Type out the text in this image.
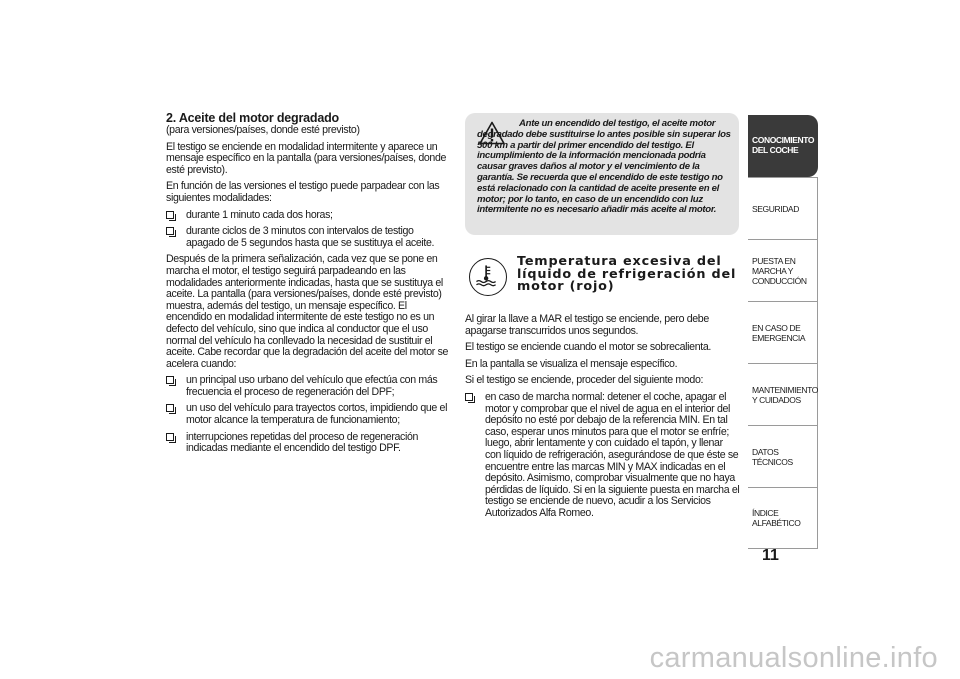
2. Aceite del motor degradado
(para versiones/países, donde esté previsto)

El testigo se enciende en modalidad intermitente y aparece un mensaje específico en la pantalla (para versiones/países, donde esté previsto).

En función de las versiones el testigo puede parpadear con las siguientes modalidades:

durante 1 minuto cada dos horas;
durante ciclos de 3 minutos con intervalos de testigo apagado de 5 segundos hasta que se sustituya el aceite.

Después de la primera señalización, cada vez que se pone en marcha el motor, el testigo seguirá parpadeando en las modalidades anteriormente indicadas, hasta que se sustituya el aceite. La pantalla (para versiones/países, donde esté previsto) muestra, además del testigo, un mensaje específico. El encendido en modalidad intermitente de este testigo no es un defecto del vehículo, sino que indica al conductor que el uso normal del vehículo ha conllevado la necesidad de sustituir el aceite. Cabe recordar que la degradación del aceite del motor se acelera cuando:

un principal uso urbano del vehículo que efectúa con más frecuencia el proceso de regeneración del DPF;
un uso del vehículo para trayectos cortos, impidiendo que el motor alcance la temperatura de funcionamiento;
interrupciones repetidas del proceso de regeneración indicadas mediante el encendido del testigo DPF.

Ante un encendido del testigo, el aceite motor degradado debe sustituirse lo antes posible sin superar los 500 km a partir del primer encendido del testigo. El incumplimiento de la información mencionada podría causar graves daños al motor y el vencimiento de la garantía. Se recuerda que el encendido de este testigo no está relacionado con la cantidad de aceite presente en el motor; por lo tanto, en caso de un encendido con luz intermitente no es necesario añadir más aceite al motor.

Temperatura excesiva del
líquido de refrigeración del
motor (rojo)

Al girar la llave a MAR el testigo se enciende, pero debe apagarse transcurridos unos segundos.

El testigo se enciende cuando el motor se sobrecalienta.

En la pantalla se visualiza el mensaje específico.

Si el testigo se enciende, proceder del siguiente modo:

en caso de marcha normal: detener el coche, apagar el motor y comprobar que el nivel de agua en el interior del depósito no esté por debajo de la referencia MIN. En tal caso, esperar unos minutos para que el motor se enfríe; luego, abrir lentamente y con cuidado el tapón, y llenar con líquido de refrigeración, asegurándose de que éste se encuentre entre las marcas MIN y MAX indicadas en el depósito. Asimismo, comprobar visualmente que no haya pérdidas de líquido. Si en la siguiente puesta en marcha el testigo se enciende de nuevo, acudir a los Servicios Autorizados Alfa Romeo.
CONOCIMIENTO DEL COCHE
SEGURIDAD
PUESTA EN MARCHA Y CONDUCCIÓN
EN CASO DE EMERGENCIA
MANTENIMIENTO Y CUIDADOS
DATOS TÉCNICOS
ÍNDICE ALFABÉTICO
11
carmanualsonline.info
